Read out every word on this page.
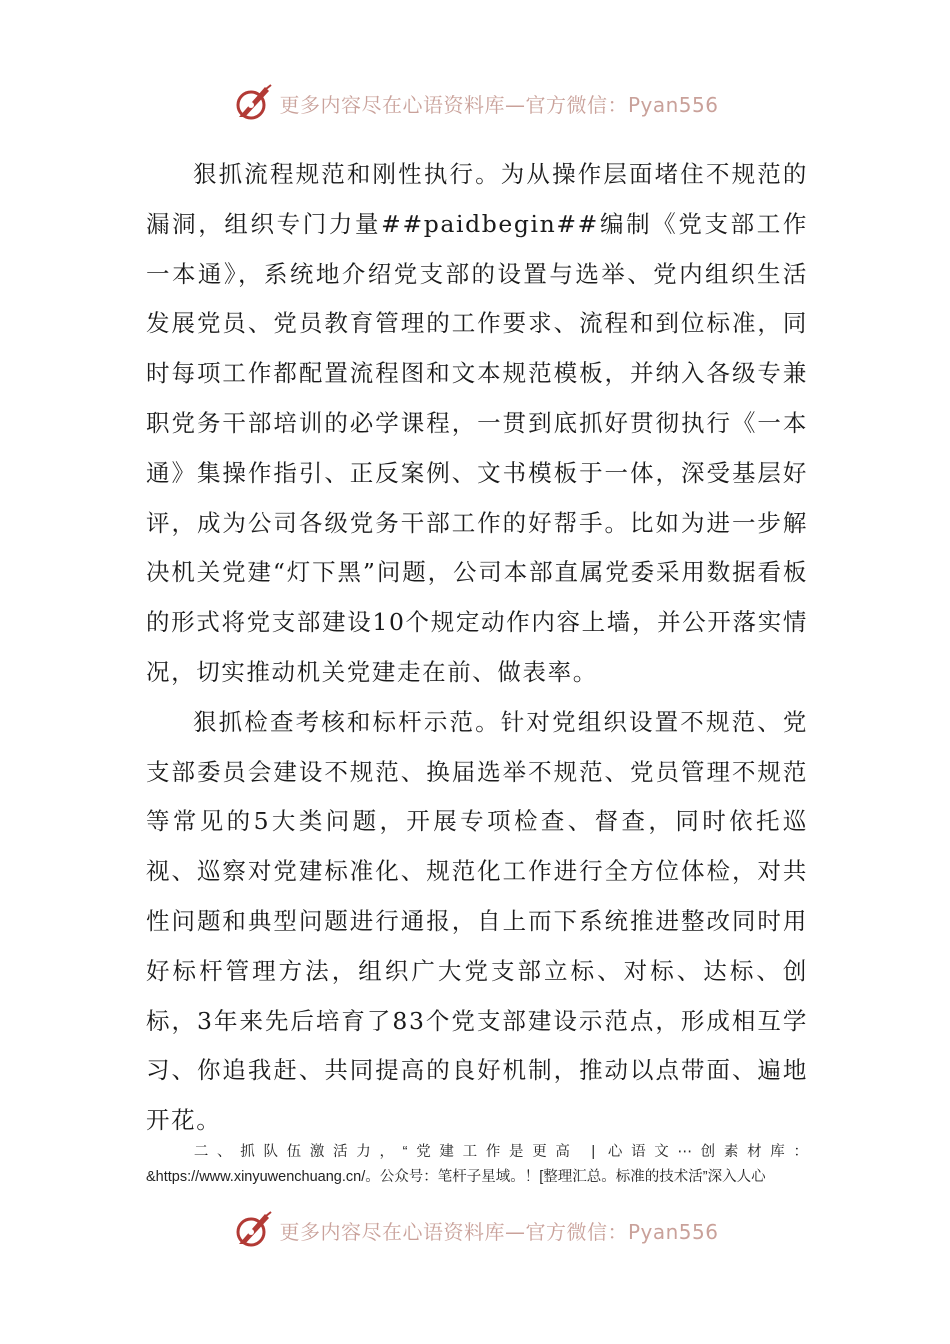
更多内容尽在心语资料库—官方微信：Pyan556

狠抓流程规范和刚性执行。为从操作层面堵住不规范的漏洞，组织专门力量##paidbegin##编制《党支部工作一本通》，系统地介绍党支部的设置与选举、党内组织生活发展党员、党员教育管理的工作要求、流程和到位标准，同时每项工作都配置流程图和文本规范模板，并纳入各级专兼职党务干部培训的必学课程，一贯到底抓好贯彻执行《一本通》集操作指引、正反案例、文书模板于一体，深受基层好评，成为公司各级党务干部工作的好帮手。比如为进一步解决机关党建“灯下黑”问题，公司本部直属党委采用数据看板的形式将党支部建设10个规定动作内容上墙，并公开落实情况，切实推动机关党建走在前、做表率。

狠抓检查考核和标杆示范。针对党组织设置不规范、党支部委员会建设不规范、换届选举不规范、党员管理不规范等常见的5大类问题，开展专项检查、督查，同时依托巡视、巡察对党建标准化、规范化工作进行全方位体检，对共性问题和典型问题进行通报，自上而下系统推进整改同时用好标杆管理方法，组织广大党支部立标、对标、达标、创标，3年来先后培育了83个党支部建设示范点，形成相互学习、你追我赶、共同提高的良好机制，推动以点带面、遍地开花。

二、抓队伍激活力，“党建工作是更高 | 心语文⋯创素材库： &https://www.xinyuwenchuang.cn/。公众号：笔杆子星域。！[整理汇总。标准的技术活”深入人心
更多内容尽在心语资料库—官方微信：Pyan556
